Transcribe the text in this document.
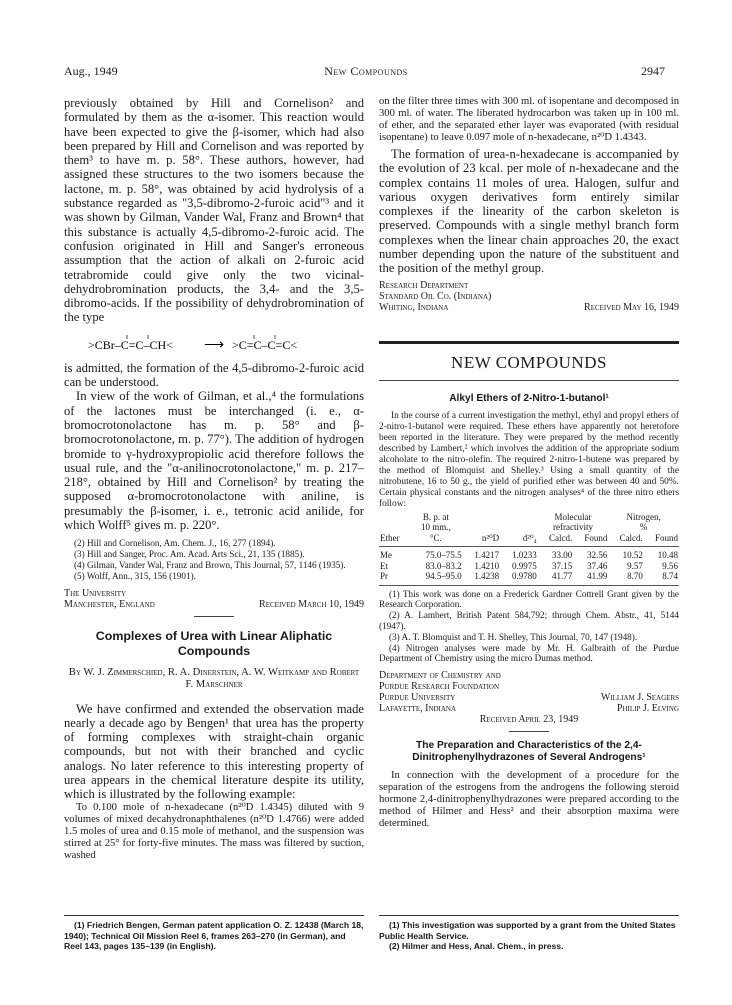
Aug., 1949	New Compounds	2947

previously obtained by Hill and Cornelison² and formulated by them as the α-isomer. This reaction would have been expected to give the β-isomer, which had also been prepared by Hill and Cornelison and was reported by them³ to have m. p. 58°. These authors, however, had assigned these structures to the two isomers because the lactone, m. p. 58°, was obtained by acid hydrolysis of a substance regarded as "3,5-dibromo-2-furoic acid"³ and it was shown by Gilman, Vander Wal, Franz and Brown⁴ that this substance is actually 4,5-dibromo-2-furoic acid. The confusion originated in Hill and Sanger's erroneous assumption that the action of alkali on 2-furoic acid tetrabromide could give only the two vicinal-dehydrobromination products, the 3,4- and the 3,5-dibromo-acids. If the possibility of dehydrobromination of the type

>CBr–C=C–CH< ⟶ >C=C–C=C<

is admitted, the formation of the 4,5-dibromo-2-furoic acid can be understood.

In view of the work of Gilman, et al.,⁴ the formulations of the lactones must be interchanged (i. e., α-bromocrotonolactone has m. p. 58° and β-bromocrotonolactone, m. p. 77°). The addition of hydrogen bromide to γ-hydroxypropiolic acid therefore follows the usual rule, and the "α-anilinocrotonolactone," m. p. 217–218°, obtained by Hill and Cornelison² by treating the supposed α-bromocrotonolactone with aniline, is presumably the β-isomer, i. e., tetronic acid anilide, for which Wolff⁵ gives m. p. 220°.

(2) Hill and Cornelison, Am. Chem. J., 16, 277 (1894).

(3) Hill and Sanger, Proc. Am. Acad. Arts Sci., 21, 135 (1885).

(4) Gilman, Vander Wal, Franz and Brown, This Journal, 57, 1146 (1935).

(5) Wolff, Ann., 315, 156 (1901).

The University
Manchester, England	Received March 10, 1949
Complexes of Urea with Linear Aliphatic Compounds
By W. J. Zimmerschied, R. A. Dinerstein, A. W. Weitkamp and Robert F. Marschner

We have confirmed and extended the observation made nearly a decade ago by Bengen¹ that urea has the property of forming complexes with straight-chain organic compounds, but not with their branched and cyclic analogs. No later reference to this interesting property of urea appears in the chemical literature despite its utility, which is illustrated by the following example:

To 0.100 mole of n-hexadecane (n²⁰D 1.4345) diluted with 9 volumes of mixed decahydronaphthalenes (n²⁰D 1.4766) were added 1.5 moles of urea and 0.15 mole of methanol, and the suspension was stirred at 25° for forty-five minutes. The mass was filtered by suction, washed

(1) Friedrich Bengen, German patent application O. Z. 12438 (March 18, 1940); Technical Oil Mission Reel 6, frames 263–270 (in German), and Reel 143, pages 135–139 (in English).

on the filter three times with 300 ml. of isopentane and decomposed in 300 ml. of water. The liberated hydrocarbon was taken up in 100 ml. of ether, and the separated ether layer was evaporated (with residual isopentane) to leave 0.097 mole of n-hexadecane, n²⁰D 1.4343.

The formation of urea-n-hexadecane is accompanied by the evolution of 23 kcal. per mole of n-hexadecane and the complex contains 11 moles of urea. Halogen, sulfur and various oxygen derivatives form entirely similar complexes if the linearity of the carbon skeleton is preserved. Compounds with a single methyl branch form complexes when the linear chain approaches 20, the exact number depending upon the nature of the substituent and the position of the methyl group.

Research Department
Standard Oil Co. (Indiana)
Whiting, Indiana	Received May 16, 1949
NEW COMPOUNDS
Alkyl Ethers of 2-Nitro-1-butanol¹

In the course of a current investigation the methyl, ethyl and propyl ethers of 2-nitro-1-butanol were required. These ethers have apparently not heretofore been reported in the literature. They were prepared by the method recently described by Lambert,² which involves the addition of the appropriate sodium alcoholate to the nitro-olefin. The required 2-nitro-1-butene was prepared by the method of Blomquist and Shelley.³ Using a small quantity of the nitrobutene, 16 to 50 g., the yield of purified ether was between 40 and 50%. Certain physical constants and the nitrogen analyses⁴ of the three nitro ethers follow:

	B. p. at			Molecular		Nitrogen,	
	10 mm.,			refractivity		%	
Ether	°C.	n²⁰D	d²⁰₄	Calcd.	Found	Calcd.	Found

Me	75.0–75.5	1.4217	1.0233	33.00	32.56	10.52	10.48
Et	83.0–83.2	1.4210	0.9975	37.15	37.46	9.57	9.56
Pr	94.5–95.0	1.4238	0.9780	41.77	41.99	8.70	8.74

(1) This work was done on a Frederick Gardner Cottrell Grant given by the Research Corporation.

(2) A. Lambert, British Patent 584,792; through Chem. Abstr., 41, 5144 (1947).

(3) A. T. Blomquist and T. H. Shelley, This Journal, 70, 147 (1948).

(4) Nitrogen analyses were made by Mr. H. Galbraith of the Purdue Department of Chemistry using the micro Dumas method.

Department of Chemistry and
Purdue Research Foundation
Purdue University	William J. Seagers
Lafayette, Indiana	Philip J. Elving
Received April 23, 1949
The Preparation and Characteristics of the 2,4-Dinitrophenylhydrazones of Several Androgens¹

In connection with the development of a procedure for the separation of the estrogens from the androgens the following steroid hormone 2,4-dinitrophenylhydrazones were prepared according to the method of Hilmer and Hess² and their absorption maxima were determined.

(1) This investigation was supported by a grant from the United States Public Health Service.

(2) Hilmer and Hess, Anal. Chem., in press.
